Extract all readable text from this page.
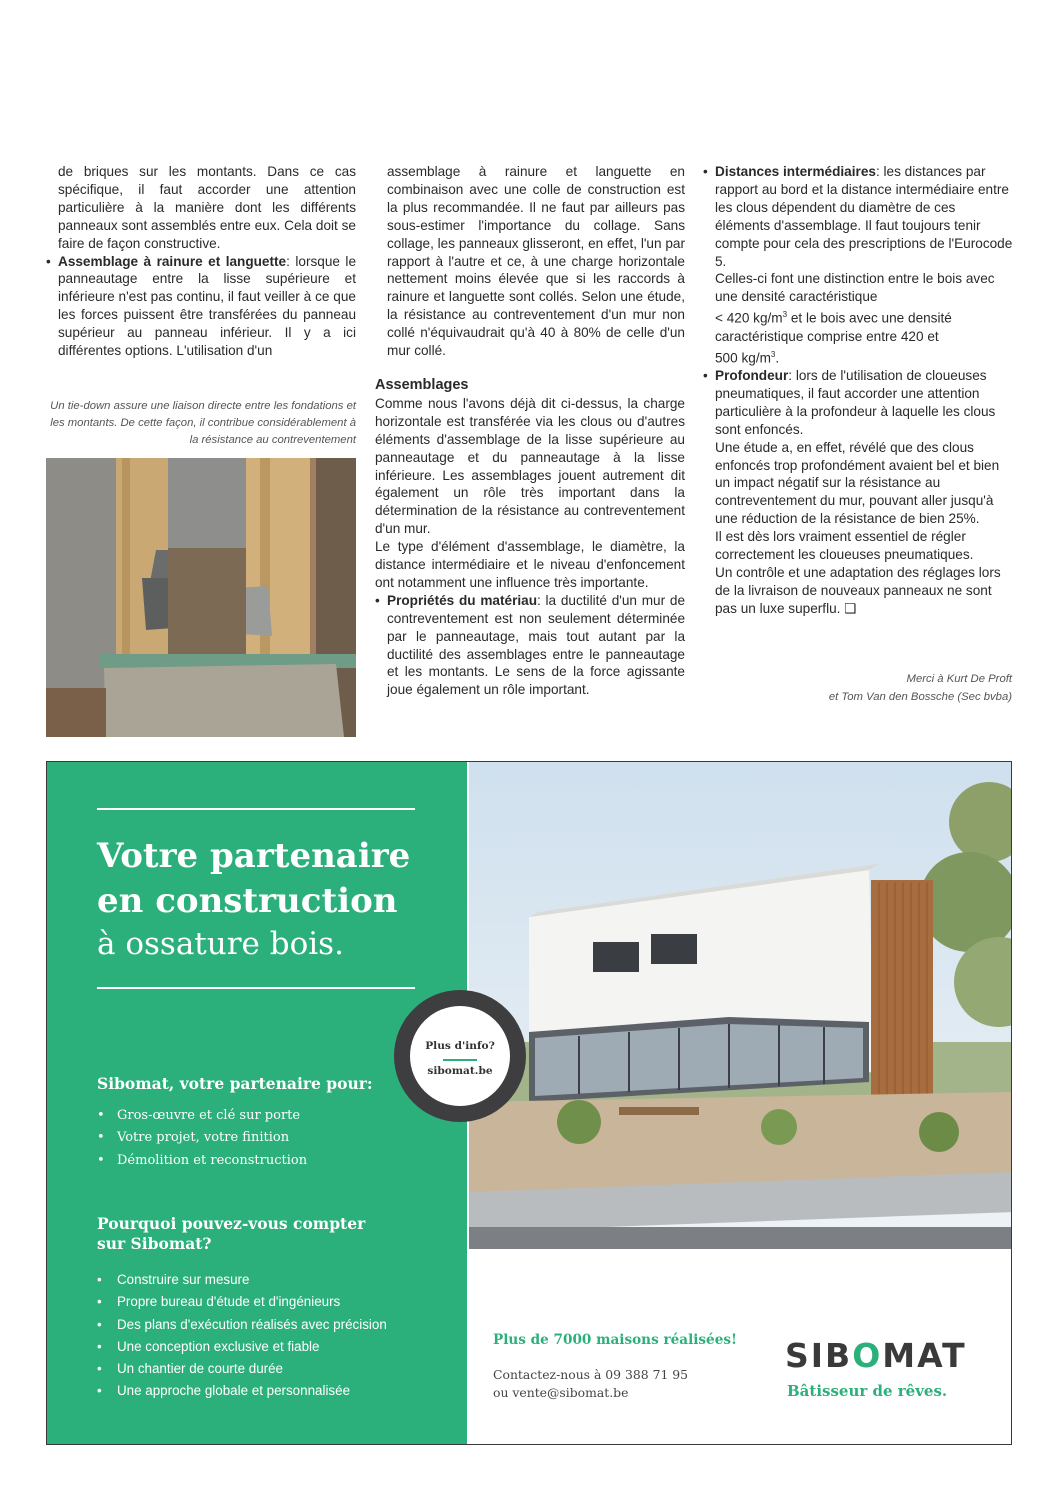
de briques sur les montants. Dans ce cas spécifique, il faut accorder une attention particulière à la manière dont les différents panneaux sont assemblés entre eux. Cela doit se faire de façon constructive.

• Assemblage à rainure et languette: lorsque le panneautage entre la lisse supérieure et inférieure n'est pas continu, il faut veiller à ce que les forces puissent être transférées du panneau supérieur au panneau inférieur. Il y a ici différentes options. L'utilisation d'un

Un tie-down assure une liaison directe entre les fondations et les montants. De cette façon, il contribue considérablement à la résistance au contreventement

assemblage à rainure et languette en combinaison avec une colle de construction est la plus recommandée. Il ne faut par ailleurs pas sous-estimer l'importance du collage. Sans collage, les panneaux glisseront, en effet, l'un par rapport à l'autre et ce, à une charge horizontale nettement moins élevée que si les raccords à rainure et languette sont collés. Selon une étude, la résistance au contreventement d'un mur non collé n'équivaudrait qu'à 40 à 80% de celle d'un mur collé.

Assemblages

Comme nous l'avons déjà dit ci-dessus, la charge horizontale est transférée via les clous ou d'autres éléments d'assemblage de la lisse supérieure au panneautage et du panneautage à la lisse inférieure. Les assemblages jouent autrement dit également un rôle très important dans la détermination de la résistance au contreventement d'un mur.

Le type d'élément d'assemblage, le diamètre, la distance intermédiaire et le niveau d'enfoncement ont notamment une influence très importante.

• Propriétés du matériau: la ductilité d'un mur de contreventement est non seulement déterminée par le panneautage, mais tout autant par la ductilité des assemblages entre le panneautage et les montants. Le sens de la force agissante joue également un rôle important.

• Distances intermédiaires: les distances par rapport au bord et la distance intermédiaire entre les clous dépendent du diamètre de ces éléments d'assemblage. Il faut toujours tenir compte pour cela des prescriptions de l'Eurocode 5.

Celles-ci font une distinction entre le bois avec une densité caractéristique
< 420 $kg/m^3$ et le bois avec une densité caractéristique comprise entre 420 et
500 $kg/m^3$.

• Profondeur: lors de l'utilisation de cloueuses pneumatiques, il faut accorder une attention particulière à la profondeur à laquelle les clous sont enfoncés.

Une étude a, en effet, révélé que des clous enfoncés trop profondément avaient bel et bien un impact négatif sur la résistance au contreventement du mur, pouvant aller jusqu'à une réduction de la résistance de bien 25%.

Il est dès lors vraiment essentiel de régler correctement les cloueuses pneumatiques.

Un contrôle et une adaptation des réglages lors de la livraison de nouveaux panneaux ne sont pas un luxe superflu. ❑

Merci à Kurt De Proft
et Tom Van den Bossche (Sec bvba)
Votre partenaire
en construction
à ossature bois.
Sibomat, votre partenaire pour:
• Gros-œuvre et clé sur porte
• Votre projet, votre finition
• Démolition et reconstruction
Pourquoi pouvez-vous compter
sur Sibomat?
• Construire sur mesure
• Propre bureau d'étude et d'ingénieurs
• Des plans d'exécution réalisés avec précision
• Une conception exclusive et fiable
• Un chantier de courte durée
• Une approche globale et personnalisée
Plus d'info?
sibomat.be
Plus de 7000 maisons réalisées!
Contactez-nous à 09 388 71 95
ou vente@sibomat.be
SIBOMAT
Bâtisseur de rêves.
